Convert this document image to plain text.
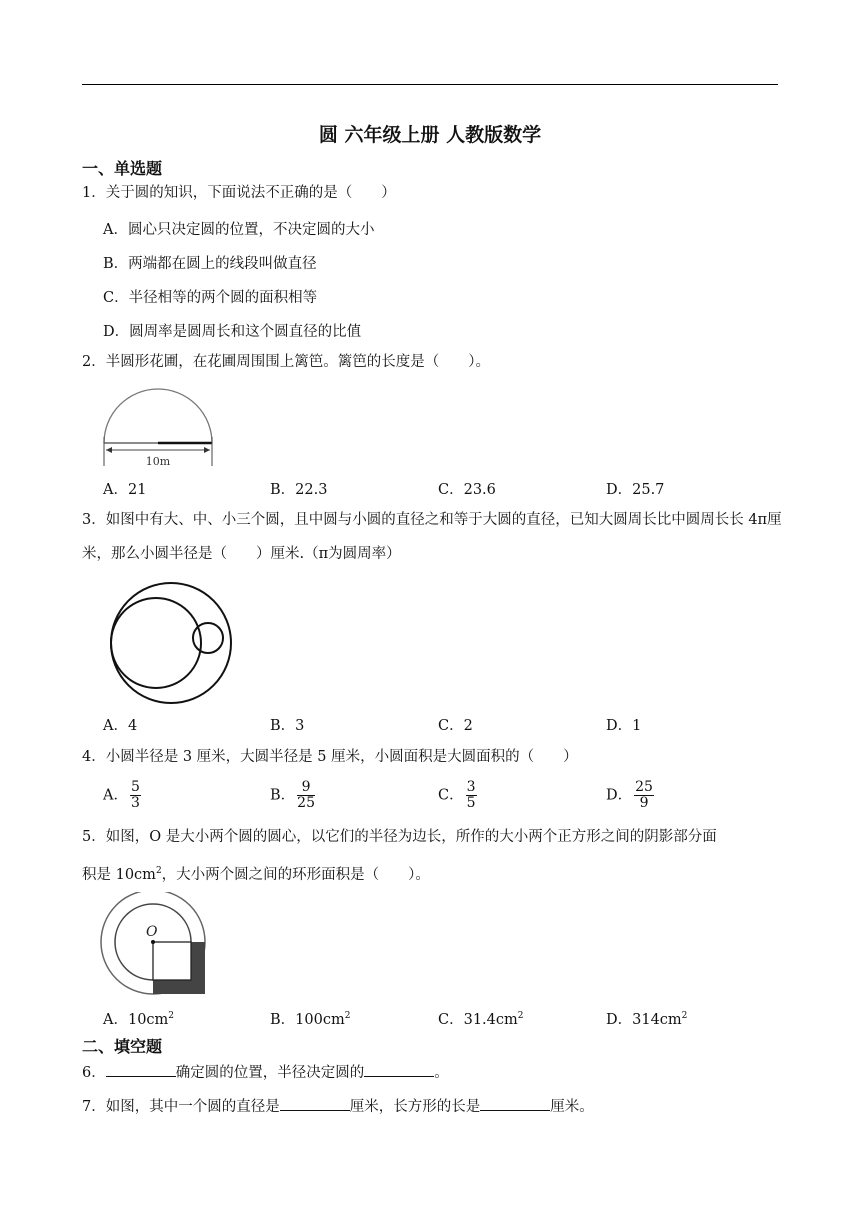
圆 六年级上册 人教版数学
一、单选题
1．关于圆的知识，下面说法不正确的是（　　）
A．圆心只决定圆的位置，不决定圆的大小
B．两端都在圆上的线段叫做直径
C．半径相等的两个圆的面积相等
D．圆周率是圆周长和这个圆直径的比值
2．半圆形花圃，在花圃周围围上篱笆。篱笆的长度是（　　）。
10m
A．21	B．22.3	C．23.6	D．25.7
3．如图中有大、中、小三个圆，且中圆与小圆的直径之和等于大圆的直径，已知大圆周长比中圆周长长 4π厘米，那么小圆半径是（　　）厘米.（π为圆周率）
A．4	B．3	C．2	D．1
4．小圆半径是 3 厘米，大圆半径是 5 厘米，小圆面积是大圆面积的（　　）
A． $\frac{5}{3}$	B． $\frac{9}{25}$	C． $\frac{3}{5}$	D． $\frac{25}{9}$
5．如图，O 是大小两个圆的圆心，以它们的半径为边长，所作的大小两个正方形之间的阴影部分面
积是 $10cm^2$，大小两个圆之间的环形面积是（　　）。
O
A．$10cm^2$	B．$100cm^2$	C．$31.4cm^2$	D．$314cm^2$
二、填空题
6．	确定圆的位置，半径决定圆的	。
7．如图，其中一个圆的直径是	厘米，长方形的长是	厘米。
